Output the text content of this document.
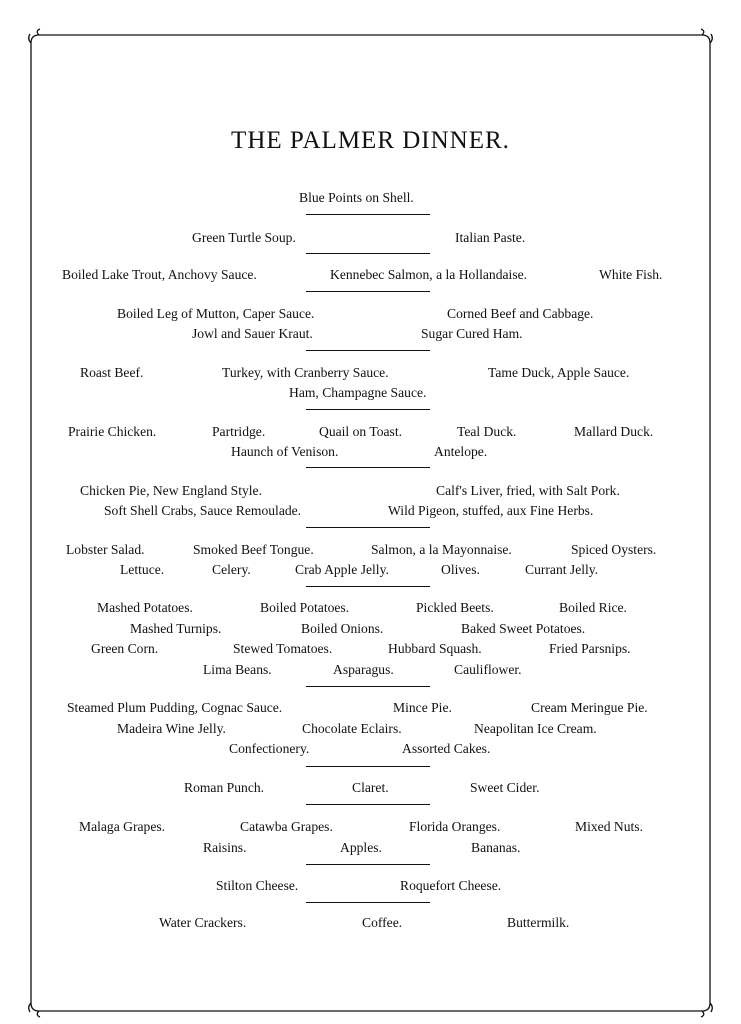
THE PALMER DINNER.
Blue Points on Shell.
Green Turtle Soup.	Italian Paste.
Boiled Lake Trout, Anchovy Sauce.	Kennebec Salmon, a la Hollandaise.	White Fish.
Boiled Leg of Mutton, Caper Sauce.	Corned Beef and Cabbage.
Jowl and Sauer Kraut.	Sugar Cured Ham.
Roast Beef.	Turkey, with Cranberry Sauce.	Tame Duck, Apple Sauce.
Ham, Champagne Sauce.
Prairie Chicken.	Partridge.	Quail on Toast.	Teal Duck.	Mallard Duck.
Haunch of Venison.	Antelope.
Chicken Pie, New England Style.	Calf's Liver, fried, with Salt Pork.
Soft Shell Crabs, Sauce Remoulade.	Wild Pigeon, stuffed, aux Fine Herbs.
Lobster Salad.	Smoked Beef Tongue.	Salmon, a la Mayonnaise.	Spiced Oysters.
Lettuce.	Celery.	Crab Apple Jelly.	Olives.	Currant Jelly.
Mashed Potatoes.	Boiled Potatoes.	Pickled Beets.	Boiled Rice.
Mashed Turnips.	Boiled Onions.	Baked Sweet Potatoes.
Green Corn.	Stewed Tomatoes.	Hubbard Squash.	Fried Parsnips.
Lima Beans.	Asparagus.	Cauliflower.
Steamed Plum Pudding, Cognac Sauce.	Mince Pie.	Cream Meringue Pie.
Madeira Wine Jelly.	Chocolate Eclairs.	Neapolitan Ice Cream.
Confectionery.	Assorted Cakes.
Roman Punch.	Claret.	Sweet Cider.
Malaga Grapes.	Catawba Grapes.	Florida Oranges.	Mixed Nuts.
Raisins.	Apples.	Bananas.
Stilton Cheese.	Roquefort Cheese.
Water Crackers.	Coffee.	Buttermilk.
